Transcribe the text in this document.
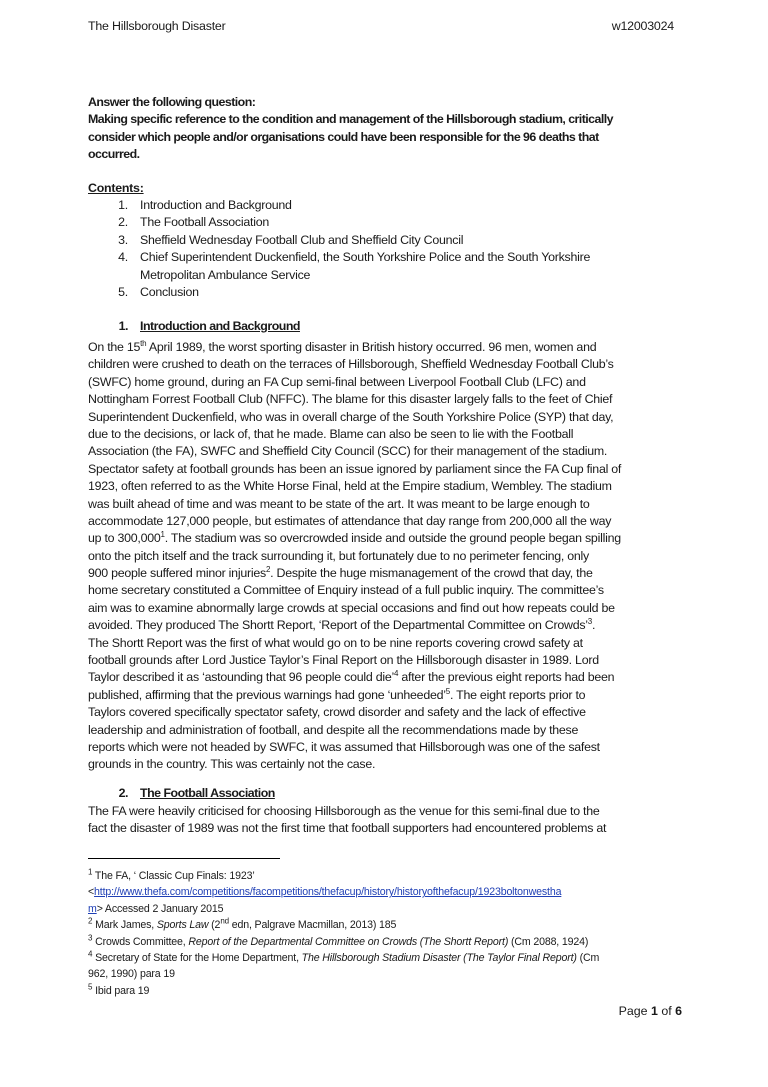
The Hillsborough Disaster	w12003024
Answer the following question:
Making specific reference to the condition and management of the Hillsborough stadium, critically
consider which people and/or organisations could have been responsible for the 96 deaths that
occurred.
Contents:
1. Introduction and Background
2. The Football Association
3. Sheffield Wednesday Football Club and Sheffield City Council
4. Chief Superintendent Duckenfield, the South Yorkshire Police and the South Yorkshire
Metropolitan Ambulance Service
5. Conclusion
1. Introduction and Background
On the 15th April 1989, the worst sporting disaster in British history occurred. 96 men, women and
children were crushed to death on the terraces of Hillsborough, Sheffield Wednesday Football Club’s
(SWFC) home ground, during an FA Cup semi-final between Liverpool Football Club (LFC) and
Nottingham Forrest Football Club (NFFC). The blame for this disaster largely falls to the feet of Chief
Superintendent Duckenfield, who was in overall charge of the South Yorkshire Police (SYP) that day,
due to the decisions, or lack of, that he made. Blame can also be seen to lie with the Football
Association (the FA), SWFC and Sheffield City Council (SCC) for their management of the stadium.
Spectator safety at football grounds has been an issue ignored by parliament since the FA Cup final of
1923, often referred to as the White Horse Final, held at the Empire stadium, Wembley. The stadium
was built ahead of time and was meant to be state of the art. It was meant to be large enough to
accommodate 127,000 people, but estimates of attendance that day range from 200,000 all the way
up to 300,000$^1$. The stadium was so overcrowded inside and outside the ground people began spilling
onto the pitch itself and the track surrounding it, but fortunately due to no perimeter fencing, only
900 people suffered minor injuries$^2$. Despite the huge mismanagement of the crowd that day, the
home secretary constituted a Committee of Enquiry instead of a full public inquiry. The committee’s
aim was to examine abnormally large crowds at special occasions and find out how repeats could be
avoided. They produced The Shortt Report, ‘Report of the Departmental Committee on Crowds’$^3$.
The Shortt Report was the first of what would go on to be nine reports covering crowd safety at
football grounds after Lord Justice Taylor’s Final Report on the Hillsborough disaster in 1989. Lord
Taylor described it as ‘astounding that 96 people could die’$^4$ after the previous eight reports had been
published, affirming that the previous warnings had gone ‘unheeded’$^5$. The eight reports prior to
Taylors covered specifically spectator safety, crowd disorder and safety and the lack of effective
leadership and administration of football, and despite all the recommendations made by these
reports which were not headed by SWFC, it was assumed that Hillsborough was one of the safest
grounds in the country. This was certainly not the case.
2. The Football Association
The FA were heavily criticised for choosing Hillsborough as the venue for this semi-final due to the
fact the disaster of 1989 was not the first time that football supporters had encountered problems at
$^1$ The FA, ‘ Classic Cup Finals: 1923’
<http://www.thefa.com/competitions/facompetitions/thefacup/history/historyofthefacup/1923boltonwestha
m> Accessed 2 January 2015
$^2$ Mark James, Sports Law (2nd edn, Palgrave Macmillan, 2013) 185
$^3$ Crowds Committee, Report of the Departmental Committee on Crowds (The Shortt Report) (Cm 2088, 1924)
$^4$ Secretary of State for the Home Department, The Hillsborough Stadium Disaster (The Taylor Final Report) (Cm
962, 1990) para 19
$^5$ Ibid para 19
Page 1 of 6
